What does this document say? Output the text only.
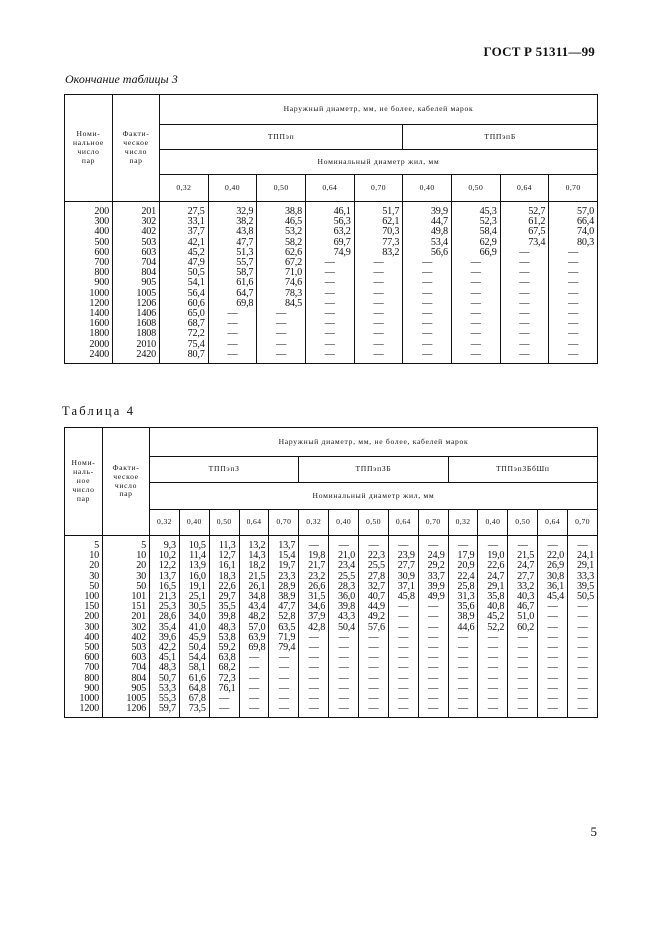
ГОСТ Р 51311—99
Окончание таблицы 3
Номи-
нальное
число
пар	Факти-
ческое
число
пар	Наружный диаметр, мм, не более, кабелей марок								
		ТППэп					ТППэпБ			
		Номинальный диаметр жил, мм								
		0,32	0,40	0,50	0,64	0,70	0,40	0,50	0,64	0,70
200	201	27,5	32,9	38,8	46,1	51,7	39,9	45,3	52,7	57,0
300	302	33,1	38,2	46,5	56,3	62,1	44,7	52,3	61,2	66,4
400	402	37,7	43,8	53,2	63,2	70,3	49,8	58,4	67,5	74,0
500	503	42,1	47,7	58,2	69,7	77,3	53,4	62,9	73,4	80,3
600	603	45,2	51,3	62,6	74,9	83,2	56,6	66,9	—	—
700	704	47,9	55,7	67,2	—	—	—	—	—	—
800	804	50,5	58,7	71,0	—	—	—	—	—	—
900	905	54,1	61,6	74,6	—	—	—	—	—	—
1000	1005	56,4	64,7	78,3	—	—	—	—	—	—
1200	1206	60,6	69,8	84,5	—	—	—	—	—	—
1400	1406	65,0	—	—	—	—	—	—	—	—
1600	1608	68,7	—	—	—	—	—	—	—	—
1800	1808	72,2	—	—	—	—	—	—	—	—
2000	2010	75,4	—	—	—	—	—	—	—	—
2400	2420	80,7	—	—	—	—	—	—	—	—
Таблица 4
Номи-
наль-
ное
число
пар	Факти-
ческое
число
пар	Наружный диаметр, мм, не более, кабелей марок														
		ТППэпЗ					ТППэпЗБ					ТППэпЗБбШп				
		Номинальный диаметр жил, мм														
		0,32	0,40	0,50	0,64	0,70	0,32	0,40	0,50	0,64	0,70	0,32	0,40	0,50	0,64	0,70
5	5	9,3	10,5	11,3	13,2	13,7	—	—	—	—	—	—	—	—	—	—
10	10	10,2	11,4	12,7	14,3	15,4	19,8	21,0	22,3	23,9	24,9	17,9	19,0	21,5	22,0	24,1
20	20	12,2	13,9	16,1	18,2	19,7	21,7	23,4	25,5	27,7	29,2	20,9	22,6	24,7	26,9	29,1
30	30	13,7	16,0	18,3	21,5	23,3	23,2	25,5	27,8	30,9	33,7	22,4	24,7	27,7	30,8	33,3
50	50	16,5	19,1	22,6	26,1	28,9	26,6	28,3	32,7	37,1	39,9	25,8	29,1	33,2	36,1	39,5
100	101	21,3	25,1	29,7	34,8	38,9	31,5	36,0	40,7	45,8	49,9	31,3	35,8	40,3	45,4	50,5
150	151	25,3	30,5	35,5	43,4	47,7	34,6	39,8	44,9	—	—	35,6	40,8	46,7	—	—
200	201	28,6	34,0	39,8	48,2	52,8	37,9	43,3	49,2	—	—	38,9	45,2	51,0	—	—
300	302	35,4	41,0	48,3	57,0	63,5	42,8	50,4	57,6	—	—	44,6	52,2	60,2	—	—
400	402	39,6	45,9	53,8	63,9	71,9	—	—	—	—	—	—	—	—	—	—
500	503	42,2	50,4	59,2	69,8	79,4	—	—	—	—	—	—	—	—	—	—
600	603	45,1	54,4	63,8	—	—	—	—	—	—	—	—	—	—	—	—
700	704	48,3	58,1	68,2	—	—	—	—	—	—	—	—	—	—	—	—
800	804	50,7	61,6	72,3	—	—	—	—	—	—	—	—	—	—	—	—
900	905	53,3	64,8	76,1	—	—	—	—	—	—	—	—	—	—	—	—
1000	1005	55,3	67,8	—	—	—	—	—	—	—	—	—	—	—	—	—
1200	1206	59,7	73,5	—	—	—	—	—	—	—	—	—	—	—	—	—
5
